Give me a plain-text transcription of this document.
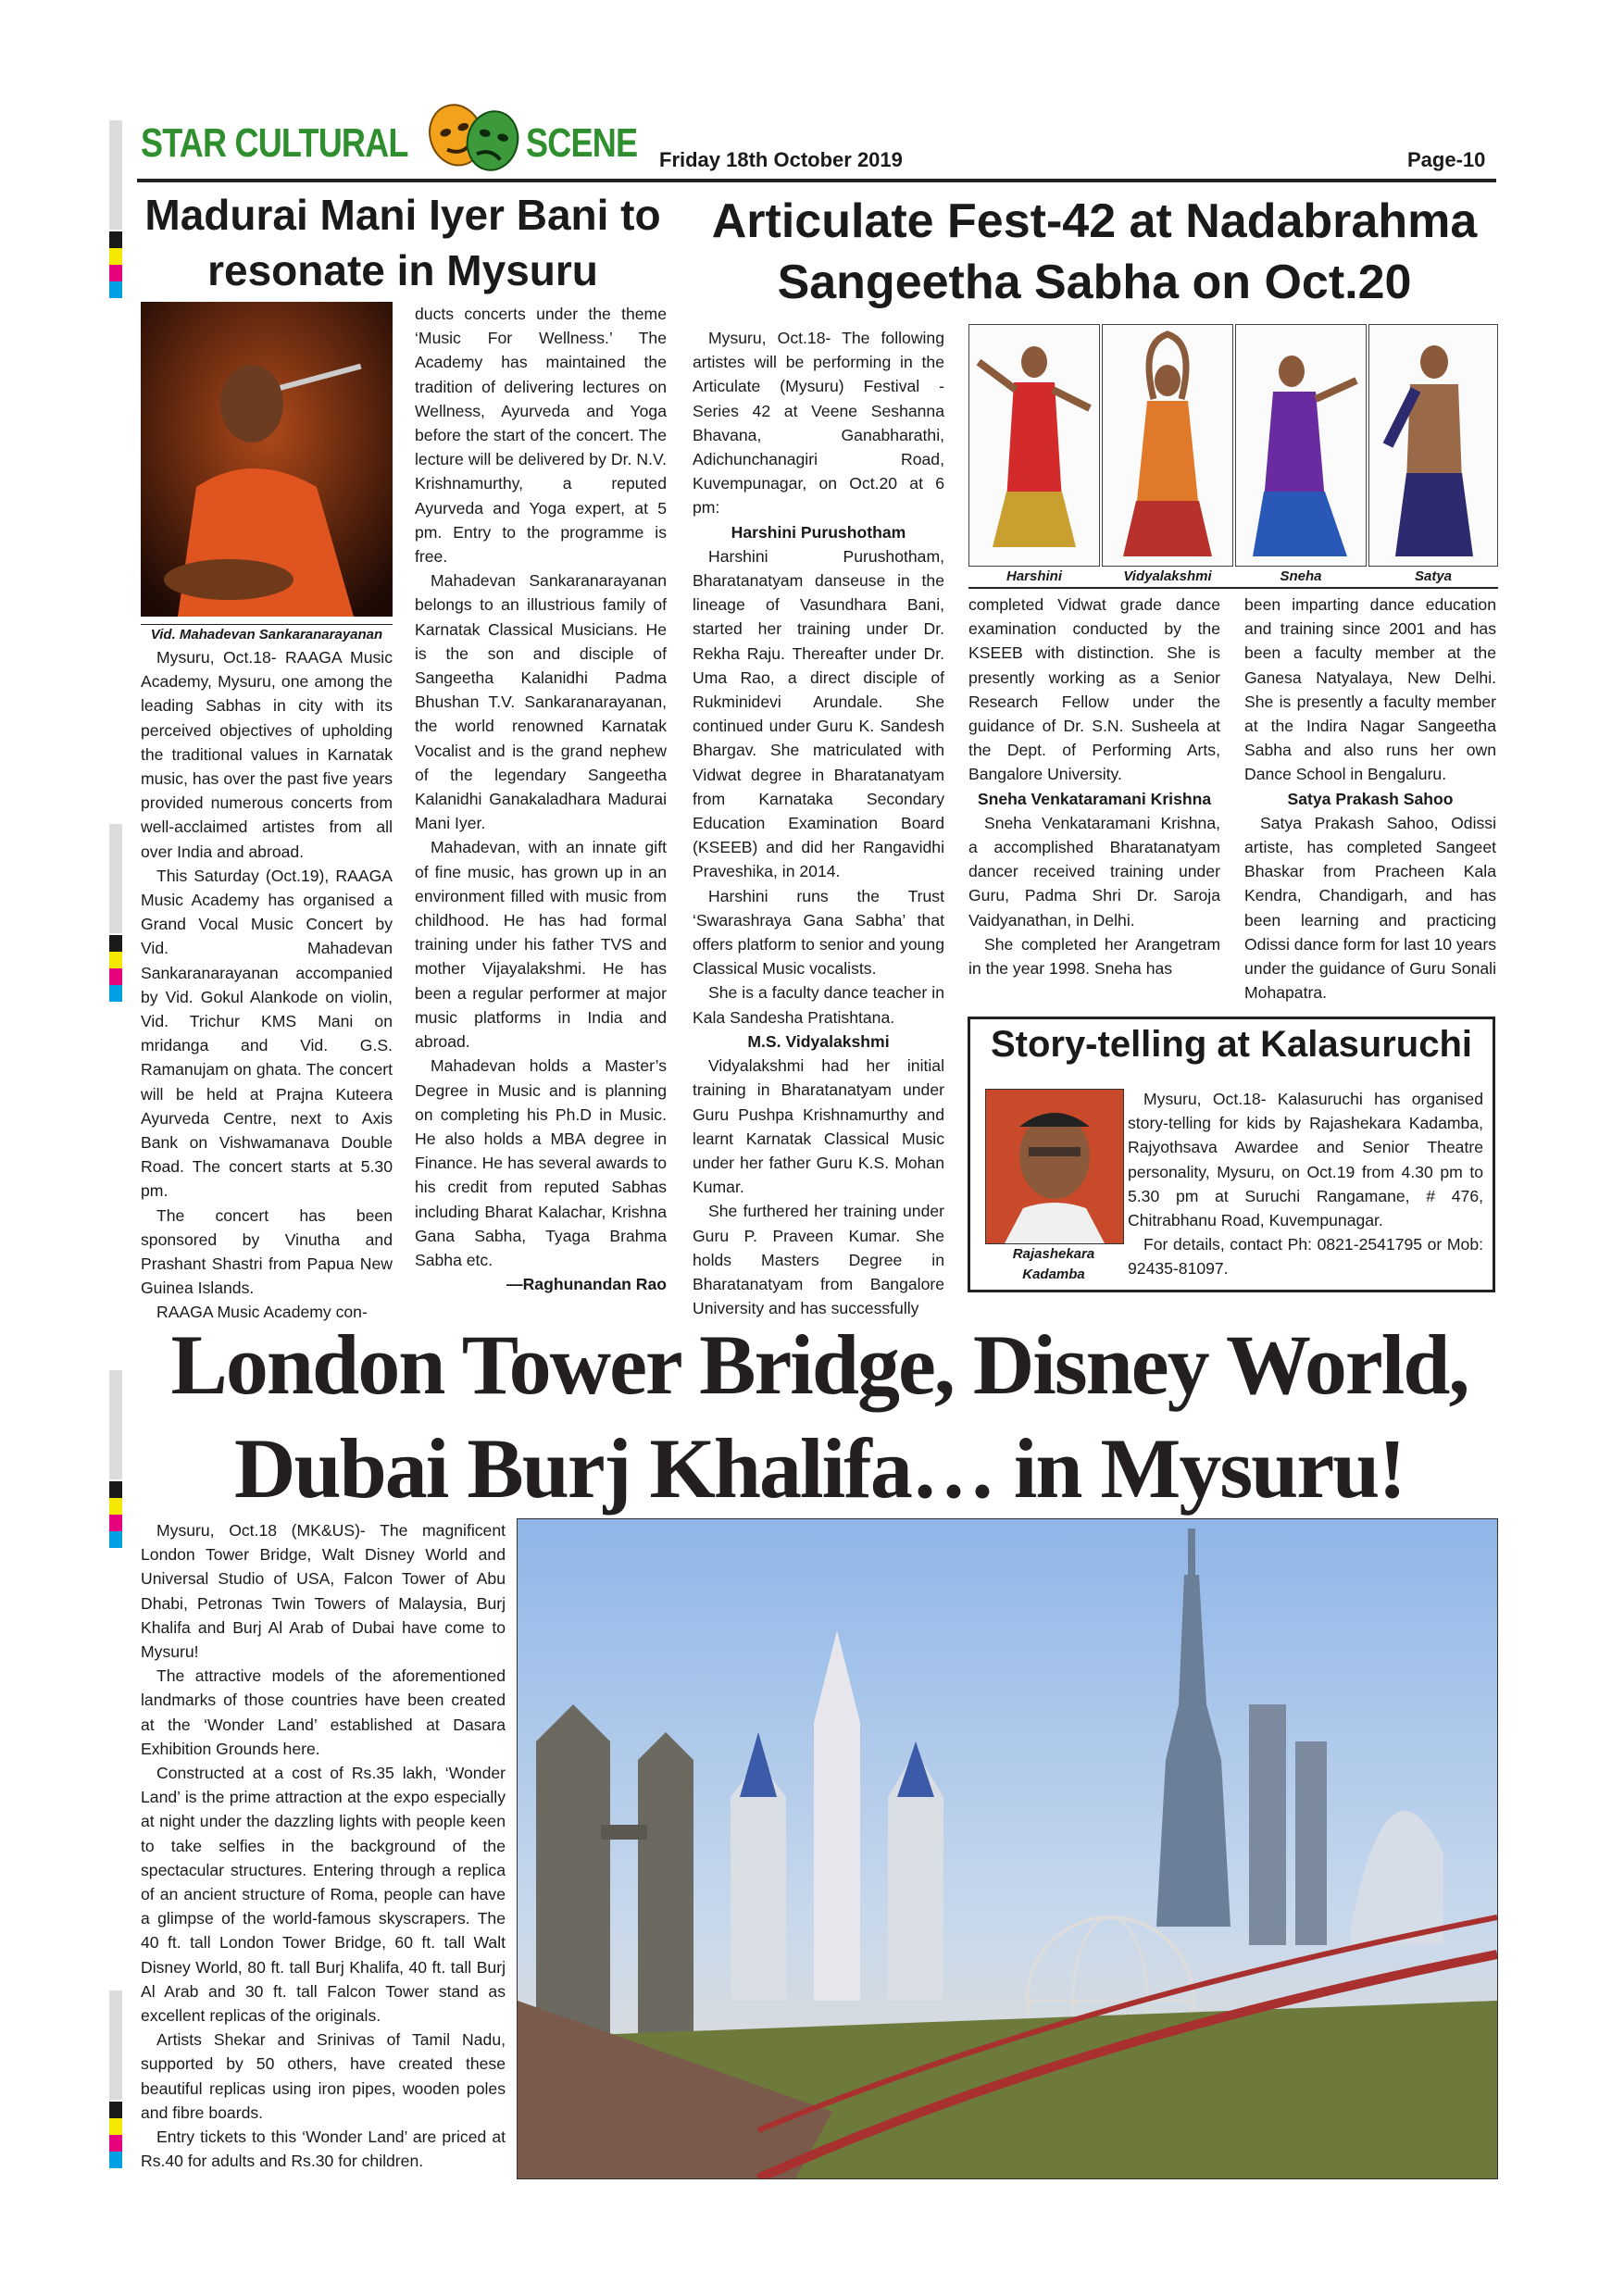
STAR CULTURAL	SCENE Friday 18th October 2019	Page-10
Madurai Mani Iyer Bani to resonate in Mysuru
Vid. Mahadevan Sankaranarayanan

Mysuru, Oct.18- RAAGA Music Academy, Mysuru, one among the leading Sabhas in city with its perceived objectives of upholding the traditional values in Karnatak music, has over the past five years provided numerous concerts from well-acclaimed artistes from all over India and abroad.

This Saturday (Oct.19), RAAGA Music Academy has organised a Grand Vocal Music Concert by Vid. Mahadevan Sankaranarayanan accompanied by Vid. Gokul Alankode on violin, Vid. Trichur KMS Mani on mridanga and Vid. G.S. Ramanujam on ghata. The concert will be held at Prajna Kuteera Ayurveda Centre, next to Axis Bank on Vishwamanava Double Road. The concert starts at 5.30 pm.

The concert has been sponsored by Vinutha and Prashant Shastri from Papua New Guinea Islands.

RAAGA Music Academy con-

ducts concerts under the theme ‘Music For Wellness.’ The Academy has maintained the tradition of delivering lectures on Wellness, Ayurveda and Yoga before the start of the concert. The lecture will be delivered by Dr. N.V. Krishnamurthy, a reputed Ayurveda and Yoga expert, at 5 pm. Entry to the programme is free.

Mahadevan Sankaranarayanan belongs to an illustrious family of Karnatak Classical Musicians. He is the son and disciple of Sangeetha Kalanidhi Padma Bhushan T.V. Sankaranarayanan, the world renowned Karnatak Vocalist and is the grand nephew of the legendary Sangeetha Kalanidhi Ganakaladhara Madurai Mani Iyer.

Mahadevan, with an innate gift of fine music, has grown up in an environment filled with music from childhood. He has had formal training under his father TVS and mother Vijayalakshmi. He has been a regular performer at major music platforms in India and abroad.

Mahadevan holds a Master’s Degree in Music and is planning on completing his Ph.D in Music. He also holds a MBA degree in Finance. He has several awards to his credit from reputed Sabhas including Bharat Kalachar, Krishna Gana Sabha, Tyaga Brahma Sabha etc.

—Raghunandan Rao

Articulate Fest-42 at Nadabrahma Sangeetha Sabha on Oct.20

Mysuru, Oct.18- The following artistes will be performing in the Articulate (Mysuru) Festival - Series 42 at Veene Seshanna Bhavana, Ganabharathi, Adichunchanagiri Road, Kuvempunagar, on Oct.20 at 6 pm:

Harshini Purushotham

Harshini Purushotham, Bharatanatyam danseuse in the lineage of Vasundhara Bani, started her training under Dr. Rekha Raju. Thereafter under Dr. Uma Rao, a direct disciple of Rukminidevi Arundale. She continued under Guru K. Sandesh Bhargav. She matriculated with Vidwat degree in Bharatanatyam from Karnataka Secondary Education Examination Board (KSEEB) and did her Rangavidhi Praveshika, in 2014.

Harshini runs the Trust ‘Swarashraya Gana Sabha’ that offers platform to senior and young Classical Music vocalists.

She is a faculty dance teacher in Kala Sandesha Pratishtana.

M.S. Vidyalakshmi

Vidyalakshmi had her initial training in Bharatanatyam under Guru Pushpa Krishnamurthy and learnt Karnatak Classical Music under her father Guru K.S. Mohan Kumar.

She furthered her training under Guru P. Praveen Kumar. She holds Masters Degree in Bharatanatyam from Bangalore University and has successfully

Harshini	Vidyalakshmi	Sneha	Satya

completed Vidwat grade dance examination conducted by the KSEEB with distinction. She is presently working as a Senior Research Fellow under the guidance of Dr. S.N. Susheela at the Dept. of Performing Arts, Bangalore University.

Sneha Venkataramani Krishna

Sneha Venkataramani Krishna, a accomplished Bharatanatyam dancer received training under Guru, Padma Shri Dr. Saroja Vaidyanathan, in Delhi.

She completed her Arangetram in the year 1998. Sneha has

been imparting dance education and training since 2001 and has been a faculty member at the Ganesa Natyalaya, New Delhi. She is presently a faculty member at the Indira Nagar Sangeetha Sabha and also runs her own Dance School in Bengaluru.

Satya Prakash Sahoo

Satya Prakash Sahoo, Odissi artiste, has completed Sangeet Bhaskar from Pracheen Kala Kendra, Chandigarh, and has been learning and practicing Odissi dance form for last 10 years under the guidance of Guru Sonali Mohapatra.

Story-telling at Kalasuruchi
Rajashekara Kadamba

Mysuru, Oct.18- Kalasuruchi has organised story-telling for kids by Rajashekara Kadamba, Rajyothsava Awardee and Senior Theatre personality, Mysuru, on Oct.19 from 4.30 pm to 5.30 pm at Suruchi Rangamane, # 476, Chitrabhanu Road, Kuvempunagar.

For details, contact Ph: 0821-2541795 or Mob: 92435-81097.

London Tower Bridge, Disney World, Dubai Burj Khalifa… in Mysuru!

Mysuru, Oct.18 (MK&US)- The magnificent London Tower Bridge, Walt Disney World and Universal Studio of USA, Falcon Tower of Abu Dhabi, Petronas Twin Towers of Malaysia, Burj Khalifa and Burj Al Arab of Dubai have come to Mysuru!

The attractive models of the aforementioned landmarks of those countries have been created at the ‘Wonder Land’ established at Dasara Exhibition Grounds here.

Constructed at a cost of Rs.35 lakh, ‘Wonder Land’ is the prime attraction at the expo especially at night under the dazzling lights with people keen to take selfies in the background of the spectacular structures. Entering through a replica of an ancient structure of Roma, people can have a glimpse of the world-famous skyscrapers. The 40 ft. tall London Tower Bridge, 60 ft. tall Walt Disney World, 80 ft. tall Burj Khalifa, 40 ft. tall Burj Al Arab and 30 ft. tall Falcon Tower stand as excellent replicas of the originals.

Artists Shekar and Srinivas of Tamil Nadu, supported by 50 others, have created these beautiful replicas using iron pipes, wooden poles and fibre boards.

Entry tickets to this ‘Wonder Land’ are priced at Rs.40 for adults and Rs.30 for children.
